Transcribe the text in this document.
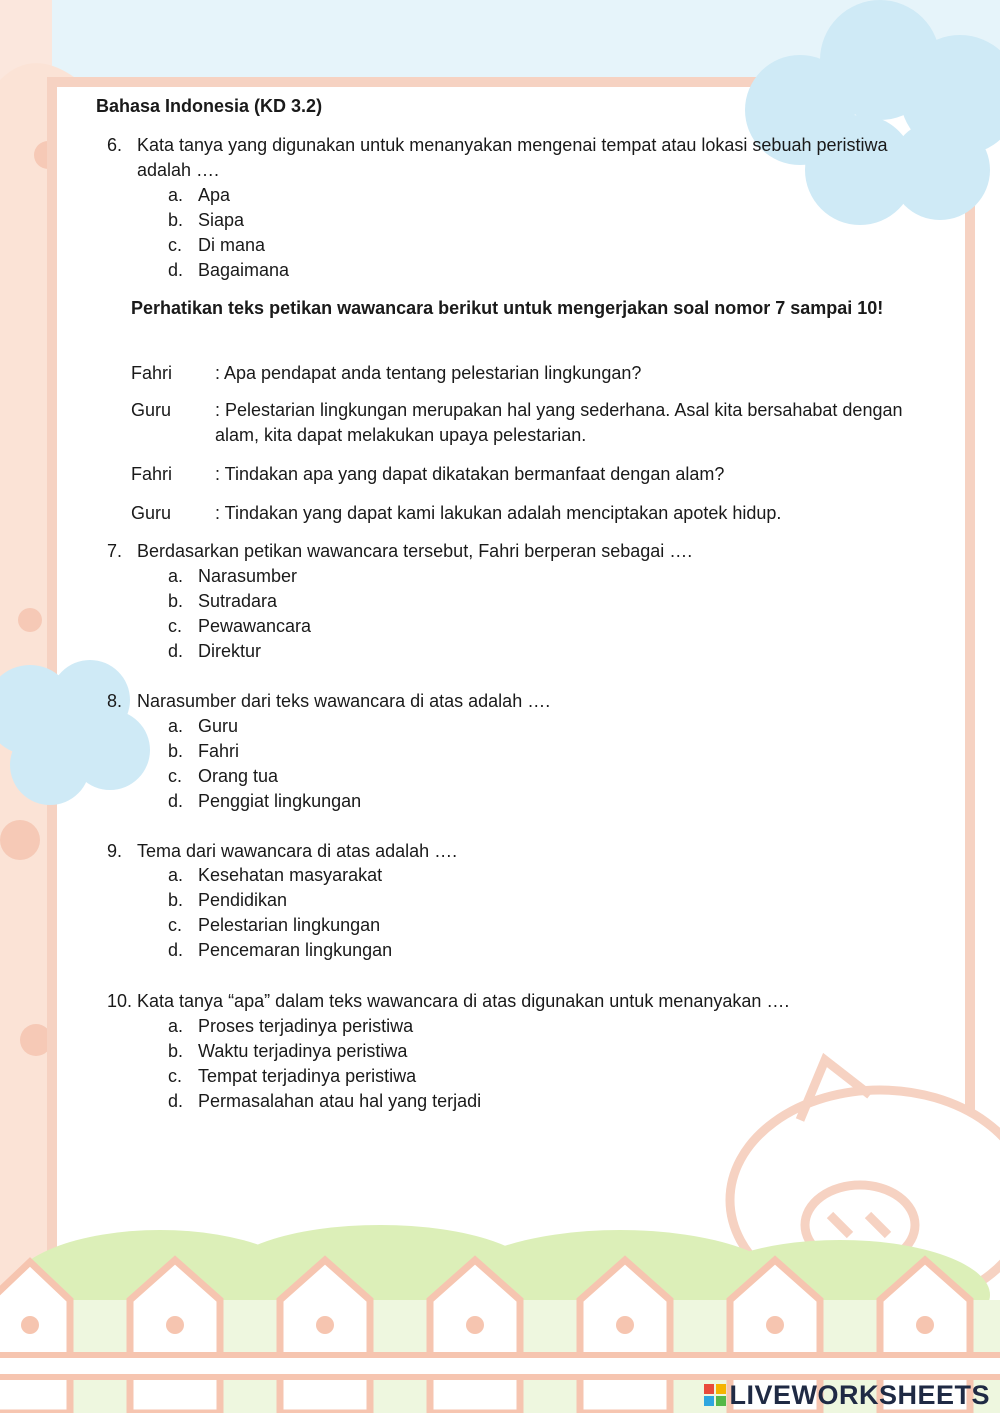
Bahasa Indonesia (KD 3.2)
6. Kata tanya yang digunakan untuk menanyakan mengenai tempat atau lokasi sebuah peristiwa adalah ….
a. Apa
b. Siapa
c. Di mana
d. Bagaimana
Perhatikan teks petikan wawancara berikut untuk mengerjakan soal nomor 7 sampai 10!
Fahri : Apa pendapat anda tentang pelestarian lingkungan?
Guru : Pelestarian lingkungan merupakan hal yang sederhana. Asal kita bersahabat dengan alam, kita dapat melakukan upaya pelestarian.
Fahri : Tindakan apa yang dapat dikatakan bermanfaat dengan alam?
Guru : Tindakan yang dapat kami lakukan adalah menciptakan apotek hidup.
7. Berdasarkan petikan wawancara tersebut, Fahri berperan sebagai ….
a. Narasumber
b. Sutradara
c. Pewawancara
d. Direktur
8. Narasumber dari teks wawancara di atas adalah ….
a. Guru
b. Fahri
c. Orang tua
d. Penggiat lingkungan
9. Tema dari wawancara di atas adalah ….
a. Kesehatan masyarakat
b. Pendidikan
c. Pelestarian lingkungan
d. Pencemaran lingkungan
10. Kata tanya “apa” dalam teks wawancara di atas digunakan untuk menanyakan ….
a. Proses terjadinya peristiwa
b. Waktu terjadinya peristiwa
c. Tempat terjadinya peristiwa
d. Permasalahan atau hal yang terjadi
LIVEWORKSHEETS
